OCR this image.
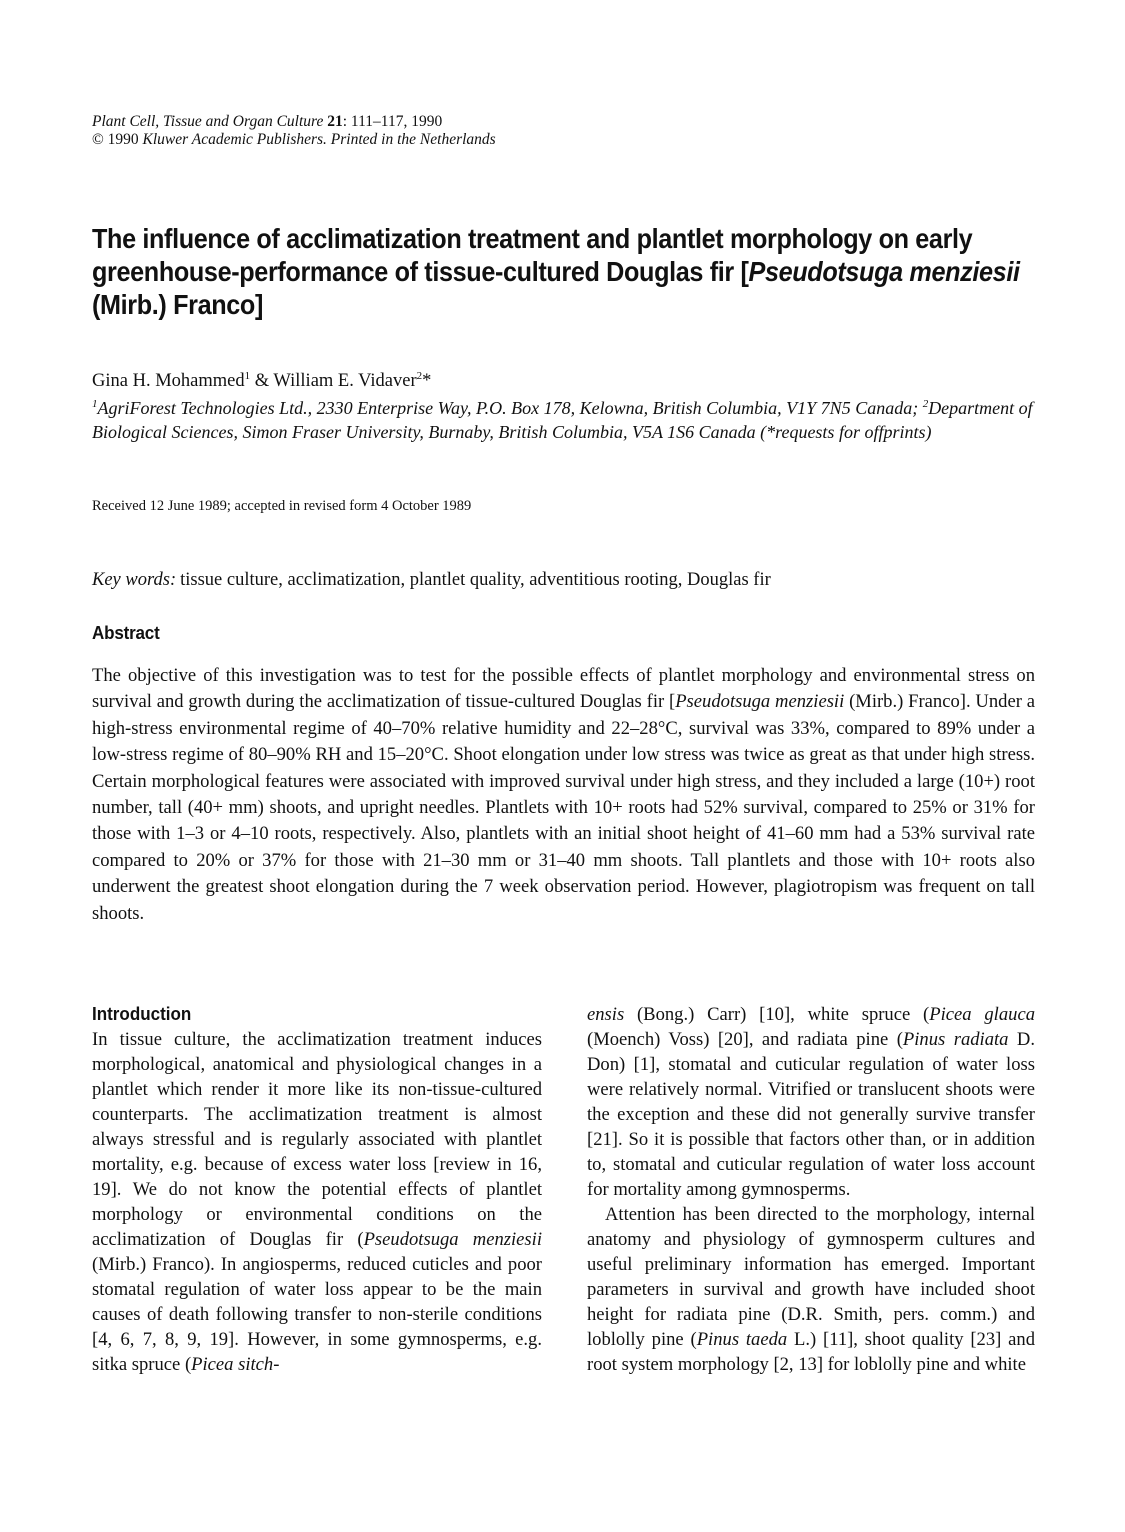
Plant Cell, Tissue and Organ Culture 21: 111–117, 1990
© 1990 Kluwer Academic Publishers. Printed in the Netherlands
The influence of acclimatization treatment and plantlet morphology on early greenhouse-performance of tissue-cultured Douglas fir [Pseudotsuga menziesii (Mirb.) Franco]
Gina H. Mohammed$^1$ & William E. Vidaver$^2$*
$^1$AgriForest Technologies Ltd., 2330 Enterprise Way, P.O. Box 178, Kelowna, British Columbia, V1Y 7N5 Canada; $^2$Department of Biological Sciences, Simon Fraser University, Burnaby, British Columbia, V5A 1S6 Canada (*requests for offprints)
Received 12 June 1989; accepted in revised form 4 October 1989
Key words: tissue culture, acclimatization, plantlet quality, adventitious rooting, Douglas fir
Abstract

The objective of this investigation was to test for the possible effects of plantlet morphology and environmental stress on survival and growth during the acclimatization of tissue-cultured Douglas fir [Pseudotsuga menziesii (Mirb.) Franco]. Under a high-stress environmental regime of 40–70% relative humidity and 22–28°C, survival was 33%, compared to 89% under a low-stress regime of 80–90% RH and 15–20°C. Shoot elongation under low stress was twice as great as that under high stress. Certain morphological features were associated with improved survival under high stress, and they included a large (10+) root number, tall (40+ mm) shoots, and upright needles. Plantlets with 10+ roots had 52% survival, compared to 25% or 31% for those with 1–3 or 4–10 roots, respectively. Also, plantlets with an initial shoot height of 41–60 mm had a 53% survival rate compared to 20% or 37% for those with 21–30 mm or 31–40 mm shoots. Tall plantlets and those with 10+ roots also underwent the greatest shoot elongation during the 7 week observation period. However, plagiotropism was frequent on tall shoots.

Introduction

In tissue culture, the acclimatization treatment induces morphological, anatomical and physiological changes in a plantlet which render it more like its non-tissue-cultured counterparts. The acclimatization treatment is almost always stressful and is regularly associated with plantlet mortality, e.g. because of excess water loss [review in 16, 19]. We do not know the potential effects of plantlet morphology or environmental conditions on the acclimatization of Douglas fir (Pseudotsuga menziesii (Mirb.) Franco). In angiosperms, reduced cuticles and poor stomatal regulation of water loss appear to be the main causes of death following transfer to non-sterile conditions [4, 6, 7, 8, 9, 19]. However, in some gymnosperms, e.g. sitka spruce (Picea sitch-

ensis (Bong.) Carr) [10], white spruce (Picea glauca (Moench) Voss) [20], and radiata pine (Pinus radiata D. Don) [1], stomatal and cuticular regulation of water loss were relatively normal. Vitrified or translucent shoots were the exception and these did not generally survive transfer [21]. So it is possible that factors other than, or in addition to, stomatal and cuticular regulation of water loss account for mortality among gymnosperms.

Attention has been directed to the morphology, internal anatomy and physiology of gymnosperm cultures and useful preliminary information has emerged. Important parameters in survival and growth have included shoot height for radiata pine (D.R. Smith, pers. comm.) and loblolly pine (Pinus taeda L.) [11], shoot quality [23] and root system morphology [2, 13] for loblolly pine and white
